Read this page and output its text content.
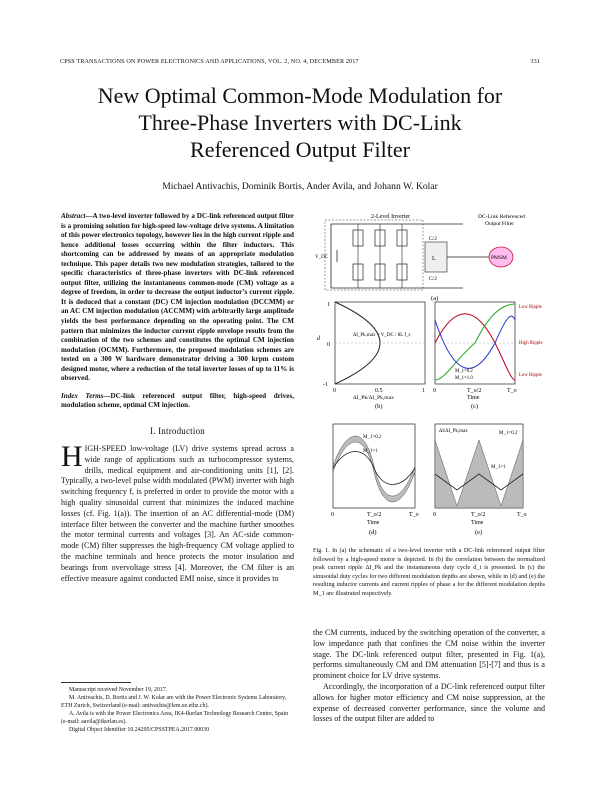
CPSS TRANSACTIONS ON POWER ELECTRONICS AND APPLICATIONS, VOL. 2, NO. 4, DECEMBER 2017	331
New Optimal Common-Mode Modulation for
Three-Phase Inverters with DC-Link
Referenced Output Filter
Michael Antivachis, Dominik Bortis, Ander Avila, and Johann W. Kolar
Abstract—A two-level inverter followed by a DC-link referenced output filter is a promising solution for high-speed low-voltage drive systems. A limitation of this power electronics topology, however lies in the high current ripple and hence additional losses occurring within the filter inductors. This shortcoming can be addressed by means of an appropriate modulation technique. This paper details two new modulation strategies, tailored to the specific characteristics of three-phase inverters with DC-link referenced output filter, utilizing the instantaneous common-mode (CM) voltage as a degree of freedom, in order to decrease the output inductor’s current ripple. It is deduced that a constant (DC) CM injection modulation (DCCMM) or an AC CM injection modulation (ACCMM) with arbitrarily large amplitude yields the best performance depending on the operating point. The CM pattern that minimizes the inductor current ripple envelope results from the combination of the two schemes and constitutes the optimal CM injection modulation (OCMM). Furthermore, the proposed modulation schemes are tested on a 300 W hardware demonstrator driving a 300 krpm custom designed motor, where a reduction of the total inverter losses of up to 11% is observed.
Index Terms—DC-link referenced output filter, high-speed drives, modulation scheme, optimal CM injection.
I. Introduction

HIGH-SPEED low-voltage (LV) drive systems spread across a wide range of applications such as turbocompressor systems, drills, medical equipment and air-conditioning units [1], [2]. Typically, a two-level pulse width modulated (PWM) inverter with high switching frequency f, is preferred in order to provide the motor with a high quality sinusoidal current that minimizes the induced machine losses (cf. Fig. 1(a)). The insertion of an AC differential-mode (DM) interface filter between the converter and the machine further smoothes the motor terminal currents and voltages [3]. An AC-side common-mode (CM) filter suppresses the high-frequency CM voltage applied to the machine terminals and hence protects the motor insulation and bearings from overvoltage stress [4]. Moreover, the CM filter is an effective measure against conducted EMI noise, since it provides to

Manuscript received November 19, 2017.

M. Antivachis, D. Bortis and J. W. Kolar are with the Power Electronic Systems Laboratory, ETH Zurich, Switzerland (e-mail: antivachis@lem.ee.ethz.ch).

A. Avila is with the Power Electronics Area, IK4-Ikerlan Technology Research Centre, Spain (e-mail: aavila@ikerlan.es).

Digital Object Identifier 10.24295/CPSSTPEA.2017.00030

2-Level Inverter	DC-Link Referenced
Output Filter
V_DC
C/2
C/2
L	PMSM
(a)
ΔI_Pk,max = V_DC / 8L f_s
1
0
-1
d
0	0.5	1
ΔI_Pk/ΔI_Pk,max
(b)
Low Ripple
High Ripple
Low Ripple
M_1=0.2
M_1=1.0
0	T_o/2	T_o
Time
(c)
M_1=0.2
M_1=1
0	T_o/2	T_o
Time
(d)
ΔI/ΔI_Pk,max	M_1=0.2
M_1=1
0	T_o/2	T_o
Time
(e)
Fig. 1. In (a) the schematic of a two-level inverter with a DC-link referenced output filter followed by a high-speed motor is depicted. In (b) the correlation between the normalized peak current ripple ΔI_Pk and the instantaneous duty cycle d_i is presented. In (c) the sinusoidal duty cycles for two different modulation depths are shown, while in (d) and (e) the resulting inductor currents and current ripples of phase a for the different modulation depths M_1 are illustrated respectively.

the CM currents, induced by the switching operation of the converter, a low impedance path that confines the CM noise within the inverter stage. The DC-link referenced output filter, presented in Fig. 1(a), performs simultaneously CM and DM attenuation [5]-[7] and thus is a prominent choice for LV drive systems.

Accordingly, the incorporation of a DC-link referenced output filter allows for higher motor efficiency and CM noise suppression, at the expense of decreased converter performance, since the volume and losses of the output filter are added to
